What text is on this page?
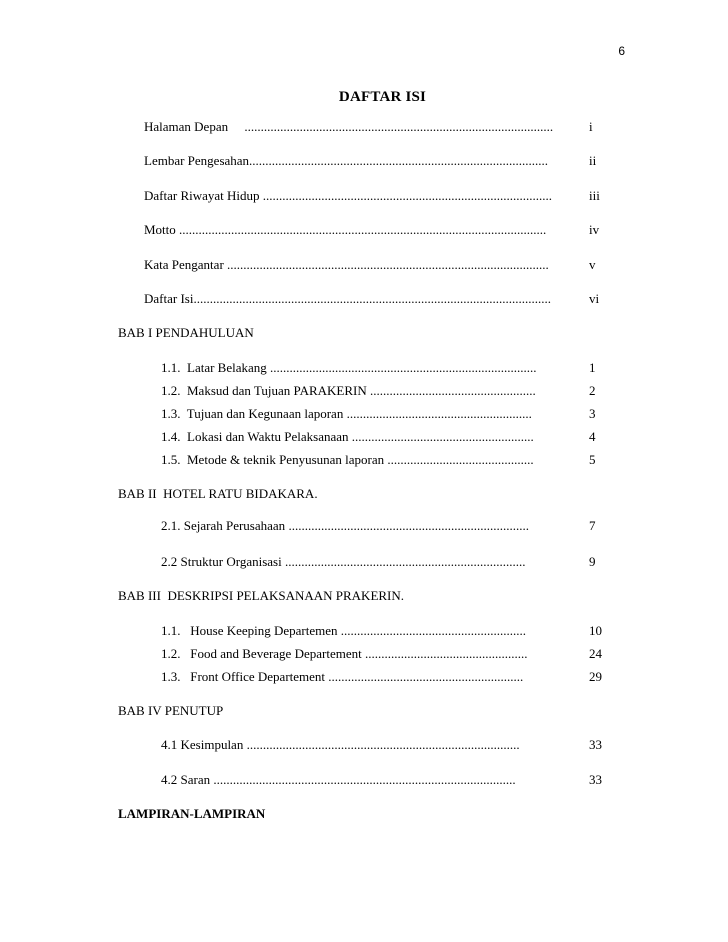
6
DAFTAR ISI
Halaman Depan ...............................................................................................	i
Lembar Pengesahan............................................................................................	ii
Daftar Riwayat Hidup .........................................................................................	iii
Motto .................................................................................................................	iv
Kata Pengantar ...................................................................................................	v
Daftar Isi..............................................................................................................	vi
BAB I PENDAHULUAN
1.1. Latar Belakang ..................................................................................	1
1.2. Maksud dan Tujuan PARAKERIN ...................................................	2
1.3. Tujuan dan Kegunaan laporan .........................................................	3
1.4. Lokasi dan Waktu Pelaksanaan ........................................................	4
1.5. Metode & teknik Penyusunan laporan .............................................	5
BAB II  HOTEL RATU BIDAKARA.
2.1. Sejarah Perusahaan ..........................................................................	7
2.2 Struktur Organisasi ..........................................................................	9
BAB III  DESKRIPSI PELAKSANAAN PRAKERIN.
1.1. House Keeping Departemen .........................................................	10
1.2. Food and Beverage Departement ..................................................	24
1.3. Front Office Departement ............................................................	29
BAB IV PENUTUP
4.1 Kesimpulan ....................................................................................	33
4.2 Saran .............................................................................................	33
LAMPIRAN-LAMPIRAN
